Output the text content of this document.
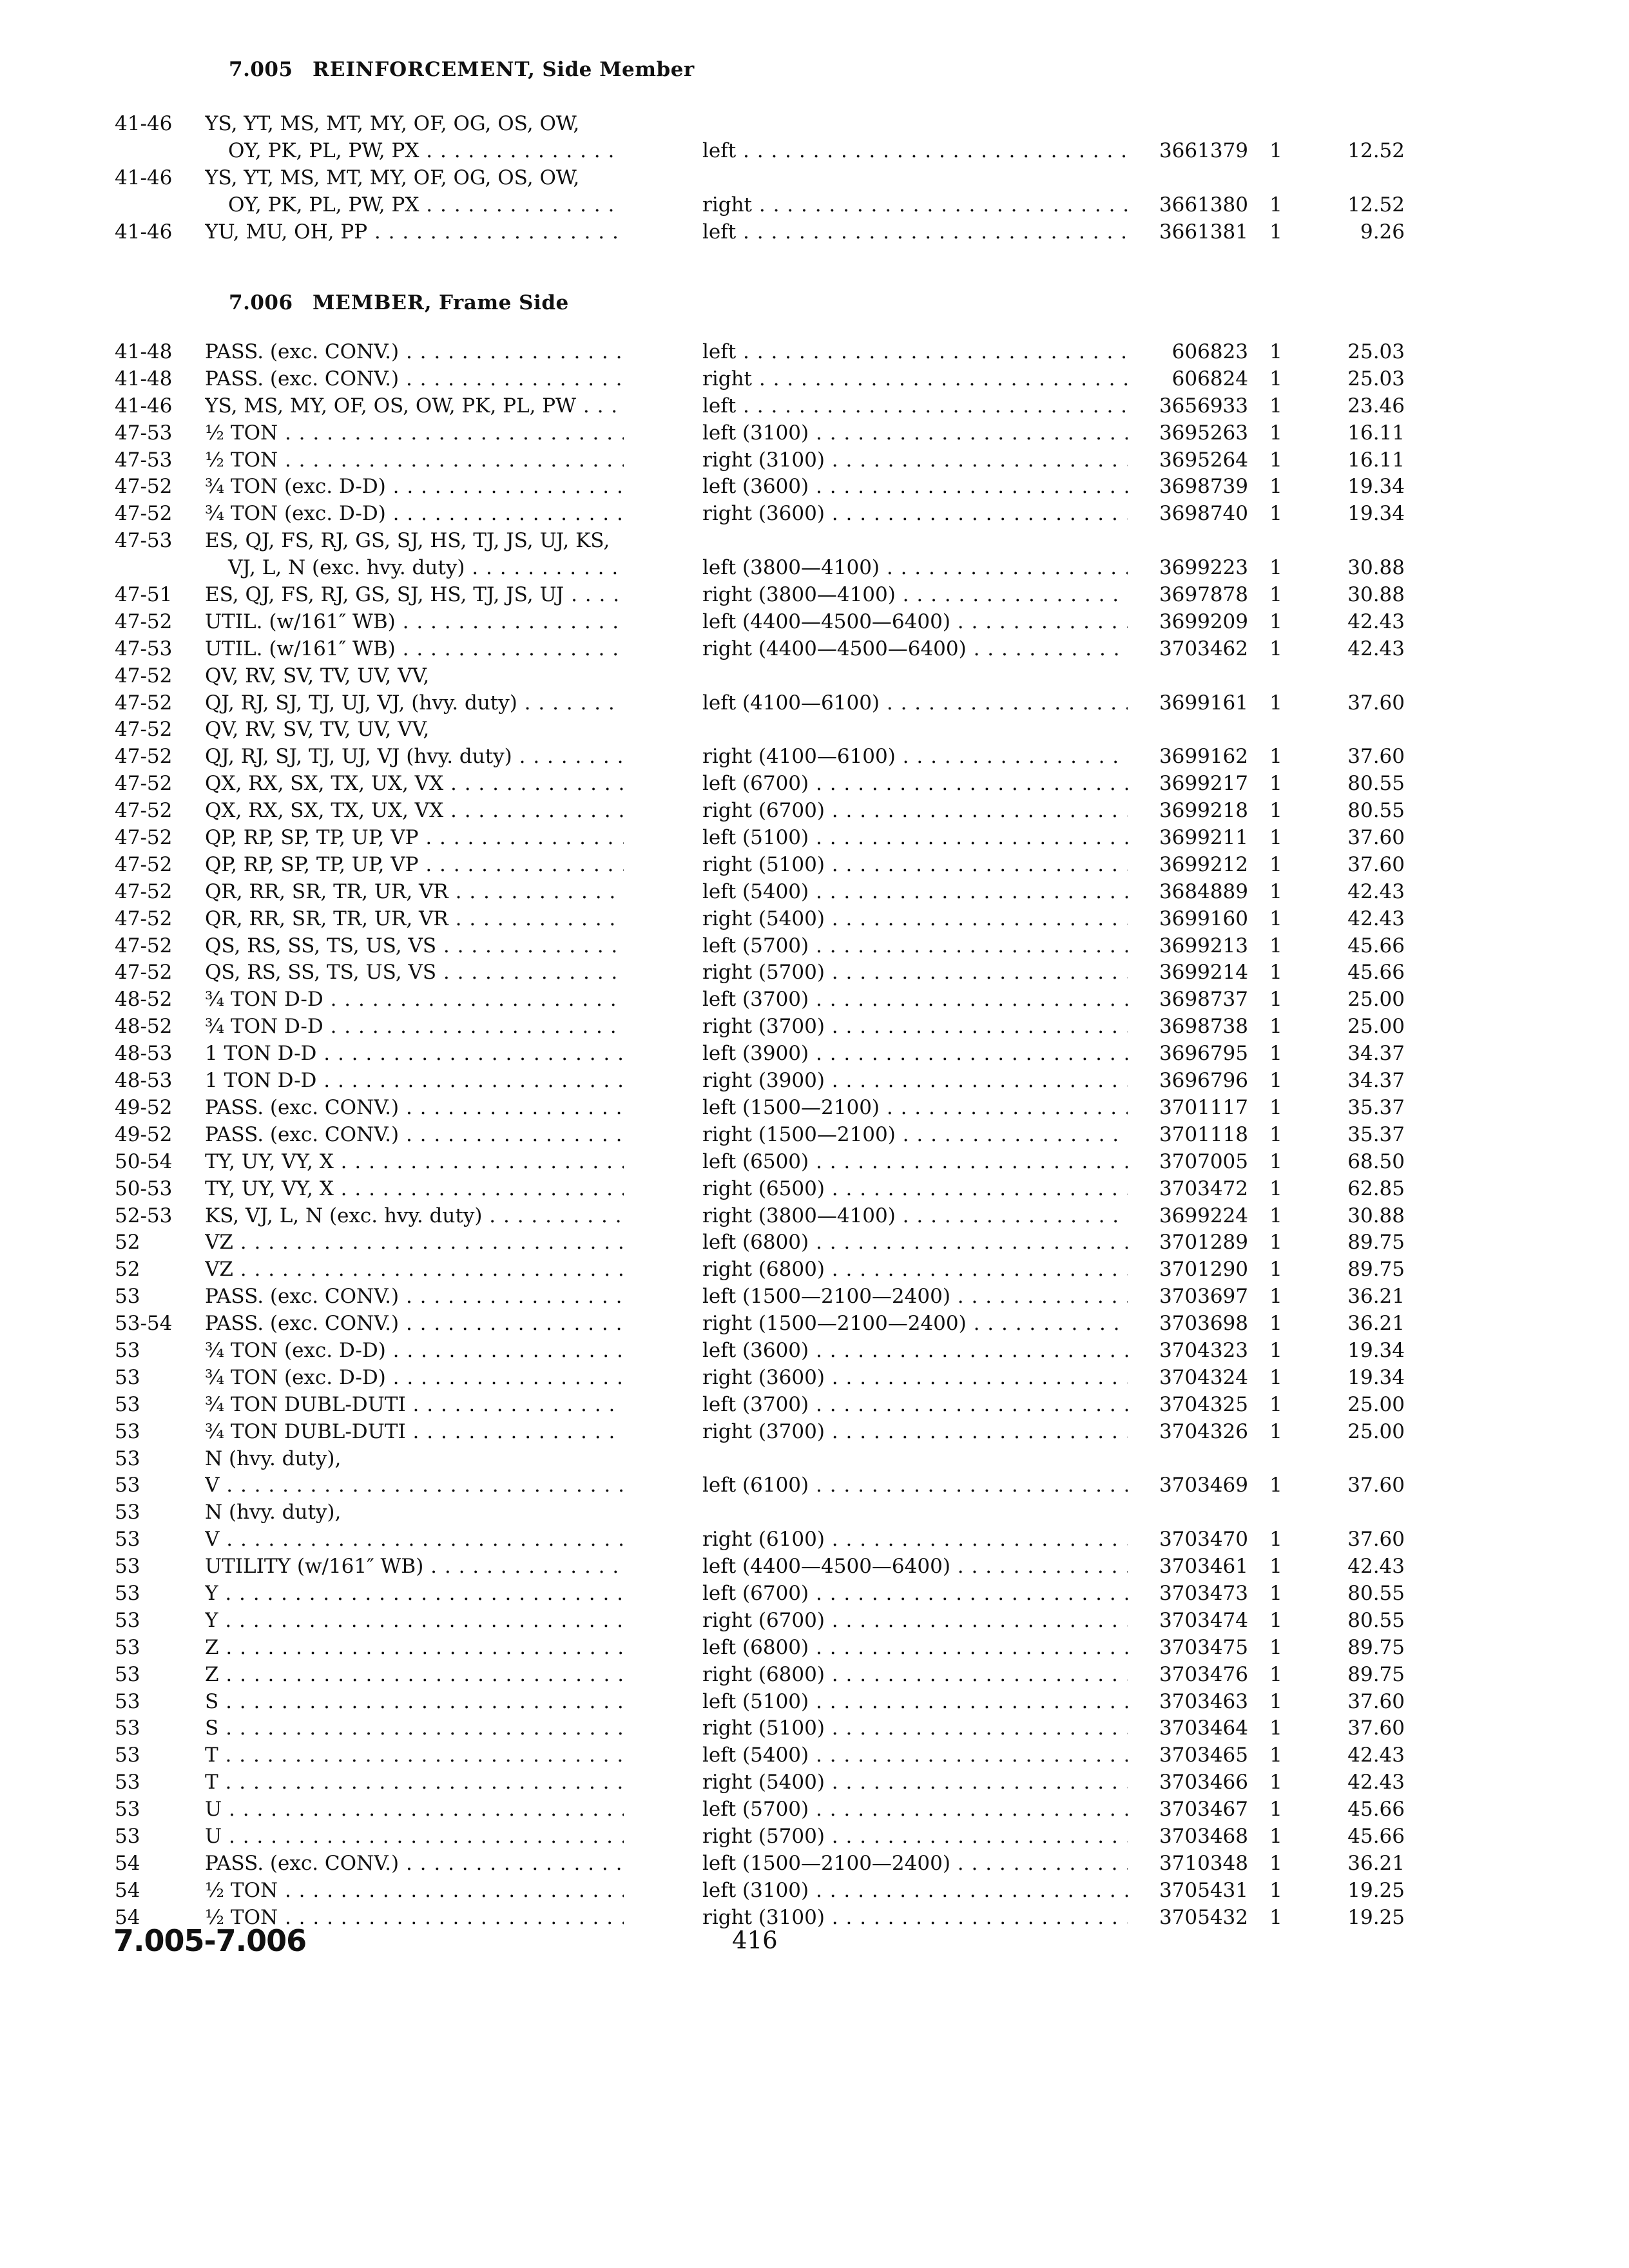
7.005 REINFORCEMENT, Side Member
41-46	YS, YT, MS, MT, MY, OF, OG, OS, OW,
OY, PK, PL, PW, PX . . .	left . . .	3661379	1	12.52
41-46	YS, YT, MS, MT, MY, OF, OG, OS, OW,
OY, PK, PL, PW, PX . . .	right . . .	3661380	1	12.52
41-46	YU, MU, OH, PP . . .	left . . .	3661381	1	9.26
7.006 MEMBER, Frame Side
41-48	PASS. (exc. CONV.) . . .	left . . .	606823	1	25.03
41-48	PASS. (exc. CONV.) . . .	right . . .	606824	1	25.03
41-46	YS, MS, MY, OF, OS, OW, PK, PL, PW . . .	left . . .	3656933	1	23.46
47-53	½ TON . . .	left (3100) . . .	3695263	1	16.11
47-53	½ TON . . .	right (3100) . . .	3695264	1	16.11
47-52	¾ TON (exc. D-D) . . .	left (3600) . . .	3698739	1	19.34
47-52	¾ TON (exc. D-D) . . .	right (3600) . . .	3698740	1	19.34
47-53	ES, QJ, FS, RJ, GS, SJ, HS, TJ, JS, UJ, KS,
VJ, L, N (exc. hvy. duty) . . .	left (3800—4100) . . .	3699223	1	30.88
47-51	ES, QJ, FS, RJ, GS, SJ, HS, TJ, JS, UJ . . .	right (3800—4100) . . .	3697878	1	30.88
47-52	UTIL. (w/161″ WB) . . .	left (4400—4500—6400) . . .	3699209	1	42.43
47-53	UTIL. (w/161″ WB) . . .	right (4400—4500—6400) . . .	3703462	1	42.43
47-52	QV, RV, SV, TV, UV, VV,
47-52	QJ, RJ, SJ, TJ, UJ, VJ, (hvy. duty) . . .	left (4100—6100) . . .	3699161	1	37.60
47-52	QV, RV, SV, TV, UV, VV,
47-52	QJ, RJ, SJ, TJ, UJ, VJ (hvy. duty) . . .	right (4100—6100) . . .	3699162	1	37.60
47-52	QX, RX, SX, TX, UX, VX . . .	left (6700) . . .	3699217	1	80.55
47-52	QX, RX, SX, TX, UX, VX . . .	right (6700) . . .	3699218	1	80.55
47-52	QP, RP, SP, TP, UP, VP . . .	left (5100) . . .	3699211	1	37.60
47-52	QP, RP, SP, TP, UP, VP . . .	right (5100) . . .	3699212	1	37.60
47-52	QR, RR, SR, TR, UR, VR . . .	left (5400) . . .	3684889	1	42.43
47-52	QR, RR, SR, TR, UR, VR . . .	right (5400) . . .	3699160	1	42.43
47-52	QS, RS, SS, TS, US, VS . . .	left (5700) . . .	3699213	1	45.66
47-52	QS, RS, SS, TS, US, VS . . .	right (5700) . . .	3699214	1	45.66
48-52	¾ TON D-D . . .	left (3700) . . .	3698737	1	25.00
48-52	¾ TON D-D . . .	right (3700) . . .	3698738	1	25.00
48-53	1 TON D-D . . .	left (3900) . . .	3696795	1	34.37
48-53	1 TON D-D . . .	right (3900) . . .	3696796	1	34.37
49-52	PASS. (exc. CONV.) . . .	left (1500—2100) . . .	3701117	1	35.37
49-52	PASS. (exc. CONV.) . . .	right (1500—2100) . . .	3701118	1	35.37
50-54	TY, UY, VY, X . . .	left (6500) . . .	3707005	1	68.50
50-53	TY, UY, VY, X . . .	right (6500) . . .	3703472	1	62.85
52-53	KS, VJ, L, N (exc. hvy. duty) . . .	right (3800—4100) . . .	3699224	1	30.88
52	VZ . . .	left (6800) . . .	3701289	1	89.75
52	VZ . . .	right (6800) . . .	3701290	1	89.75
53	PASS. (exc. CONV.) . . .	left (1500—2100—2400) . . .	3703697	1	36.21
53-54	PASS. (exc. CONV.) . . .	right (1500—2100—2400) . . .	3703698	1	36.21
53	¾ TON (exc. D-D) . . .	left (3600) . . .	3704323	1	19.34
53	¾ TON (exc. D-D) . . .	right (3600) . . .	3704324	1	19.34
53	¾ TON DUBL-DUTI . . .	left (3700) . . .	3704325	1	25.00
53	¾ TON DUBL-DUTI . . .	right (3700) . . .	3704326	1	25.00
53	N (hvy. duty),
53	V . . .	left (6100) . . .	3703469	1	37.60
53	N (hvy. duty),
53	V . . .	right (6100) . . .	3703470	1	37.60
53	UTILITY (w/161″ WB) . . .	left (4400—4500—6400) . . .	3703461	1	42.43
53	Y . . .	left (6700) . . .	3703473	1	80.55
53	Y . . .	right (6700) . . .	3703474	1	80.55
53	Z . . .	left (6800) . . .	3703475	1	89.75
53	Z . . .	right (6800) . . .	3703476	1	89.75
53	S . . .	left (5100) . . .	3703463	1	37.60
53	S . . .	right (5100) . . .	3703464	1	37.60
53	T . . .	left (5400) . . .	3703465	1	42.43
53	T . . .	right (5400) . . .	3703466	1	42.43
53	U . . .	left (5700) . . .	3703467	1	45.66
53	U . . .	right (5700) . . .	3703468	1	45.66
54	PASS. (exc. CONV.) . . .	left (1500—2100—2400) . . .	3710348	1	36.21
54	½ TON . . .	left (3100) . . .	3705431	1	19.25
54	½ TON . . .	right (3100) . . .	3705432	1	19.25
7.005-7.006	416
